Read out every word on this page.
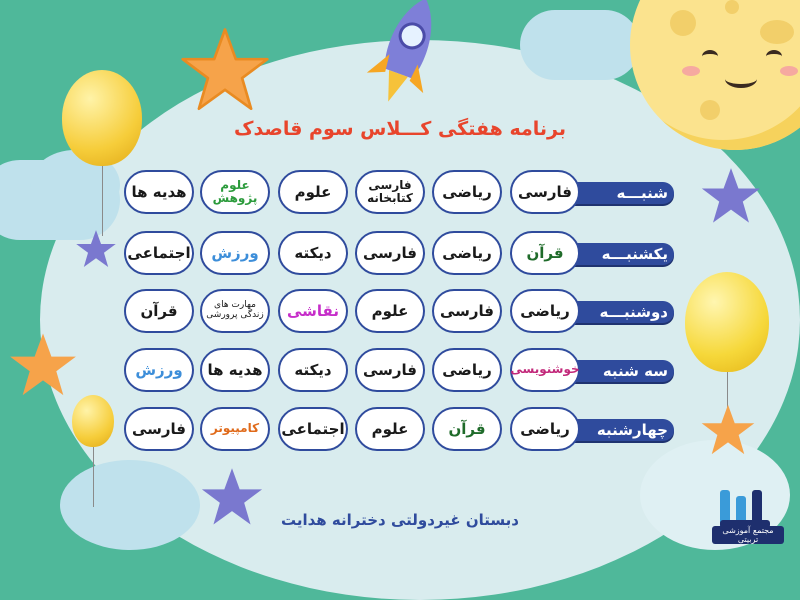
برنامه هفتگی کـــلاس سوم قاصدک
شنبـــه
فارسی
ریاضی
فارسی کتابخانه
علوم
علوم پژوهش
هدیه ها
یکشنبـــه
قرآن
ریاضی
فارسی
دیکته
ورزش
اجتماعی
دوشنبـــه
ریاضی
فارسی
علوم
نقاشی
مهارت های زندگی پرورشی
قرآن
سه شنبه
خوشنویسی
ریاضی
فارسی
دیکته
هدیه ها
ورزش
چهارشنبه
ریاضی
قرآن
علوم
اجتماعی
کامپیوتر
فارسی
دبستان غیردولتی دخترانه هدایت
مجتمع آموزشی تربیتی
